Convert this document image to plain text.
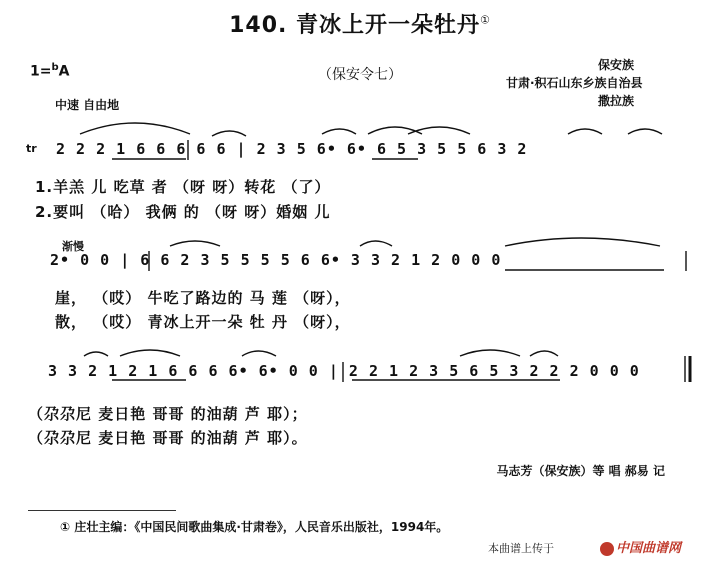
140. 青冰上开一朵牡丹①
1=$^b$A	（保安令七）
保安族
甘肃·积石山东乡族自治县
撒拉族
中速 自由地
tr 2 2 2 1 6 6 6 6 6 | 2 3 5 6• 6• 6 5 3 5 5 6 3 2
1.羊羔 儿 吃草 者 （呀 呀）转花 （了）
2.要叫 （哈） 我俩 的 （呀 呀）婚姻 儿
渐慢
2• 0 0 | 6 6 2 3 5 5 5 5 6 6• 3 3 2 1 2 0 0 0
崖， （哎） 牛吃了路边的 马 莲 （呀），
散， （哎） 青冰上开一朵 牡 丹 （呀），
3 3 2 1 2 1 6 6 6 6• 6• 0 0 | 2 2 1 2 3 5 6 5 3 2 2 2 0 0 0
（尕尕尼 麦日艳 哥哥 的油葫 芦 耶）；
（尕尕尼 麦日艳 哥哥 的油葫 芦 耶）。
马志芳（保安族）等 唱 郝易 记
① 庄壮主编：《中国民间歌曲集成·甘肃卷》，人民音乐出版社，1994年。
本曲谱上传于	中国曲谱网
